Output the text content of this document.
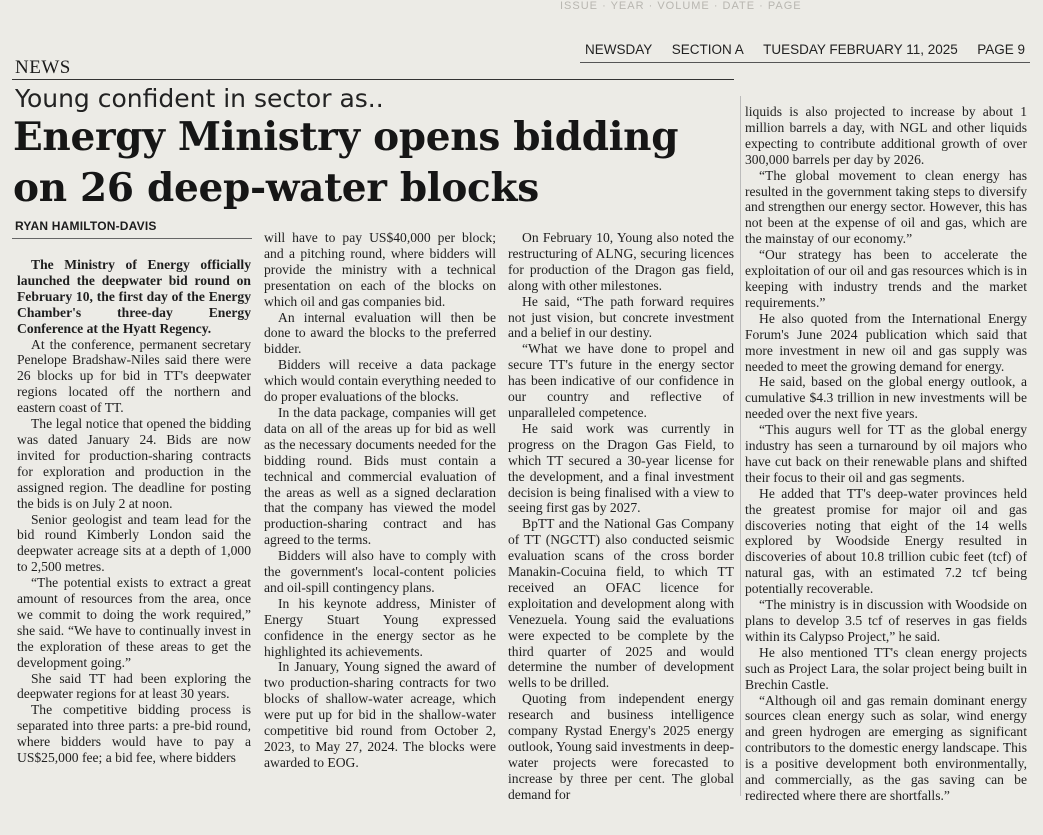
ISSUE · YEAR · VOLUME · DATE · PAGE
NEWSDAY SECTION A TUESDAY FEBRUARY 11, 2025 PAGE 9
NEWS
Young confident in sector as..
Energy Ministry opens bidding on 26 deep-water blocks
RYAN HAMILTON-DAVIS

The Ministry of Energy officially launched the deepwater bid round on February 10, the first day of the Energy Chamber's three-day Energy Conference at the Hyatt Regency.

At the conference, permanent secretary Penelope Bradshaw-Niles said there were 26 blocks up for bid in TT's deepwater regions located off the northern and eastern coast of TT.

The legal notice that opened the bidding was dated January 24. Bids are now invited for production-sharing contracts for exploration and production in the assigned region. The deadline for posting the bids is on July 2 at noon.

Senior geologist and team lead for the bid round Kimberly London said the deepwater acreage sits at a depth of 1,000 to 2,500 metres.

“The potential exists to extract a great amount of resources from the area, once we commit to doing the work required,” she said. “We have to continually invest in the exploration of these areas to get the development going.”

She said TT had been exploring the deepwater regions for at least 30 years.

The competitive bidding process is separated into three parts: a pre-bid round, where bidders would have to pay a US$25,000 fee; a bid fee, where bidders

will have to pay US$40,000 per block; and a pitching round, where bidders will provide the ministry with a technical presentation on each of the blocks on which oil and gas companies bid.

An internal evaluation will then be done to award the blocks to the preferred bidder.

Bidders will receive a data package which would contain everything needed to do proper evaluations of the blocks.

In the data package, companies will get data on all of the areas up for bid as well as the necessary documents needed for the bidding round. Bids must contain a technical and commercial evaluation of the areas as well as a signed declaration that the company has viewed the model production-sharing contract and has agreed to the terms.

Bidders will also have to comply with the government's local-content policies and oil-spill contingency plans.

In his keynote address, Minister of Energy Stuart Young expressed confidence in the energy sector as he highlighted its achievements.

In January, Young signed the award of two production-sharing contracts for two blocks of shallow-water acreage, which were put up for bid in the shallow-water competitive bid round from October 2, 2023, to May 27, 2024. The blocks were awarded to EOG.

On February 10, Young also noted the restructuring of ALNG, securing licences for production of the Dragon gas field, along with other milestones.

He said, “The path forward requires not just vision, but concrete investment and a belief in our destiny.

“What we have done to propel and secure TT's future in the energy sector has been indicative of our confidence in our country and reflective of unparalleled competence.

He said work was currently in progress on the Dragon Gas Field, to which TT secured a 30-year license for the development, and a final investment decision is being finalised with a view to seeing first gas by 2027.

BpTT and the National Gas Company of TT (NGCTT) also conducted seismic evaluation scans of the cross border Manakin-Cocuina field, to which TT received an OFAC licence for exploitation and development along with Venezuela. Young said the evaluations were expected to be complete by the third quarter of 2025 and would determine the number of development wells to be drilled.

Quoting from independent energy research and business intelligence company Rystad Energy's 2025 energy outlook, Young said investments in deep-water projects were forecasted to increase by three per cent. The global demand for

liquids is also projected to increase by about 1 million barrels a day, with NGL and other liquids expecting to contribute additional growth of over 300,000 barrels per day by 2026.

“The global movement to clean energy has resulted in the government taking steps to diversify and strengthen our energy sector. However, this has not been at the expense of oil and gas, which are the mainstay of our economy.”

“Our strategy has been to accelerate the exploitation of our oil and gas resources which is in keeping with industry trends and the market requirements.”

He also quoted from the International Energy Forum's June 2024 publication which said that more investment in new oil and gas supply was needed to meet the growing demand for energy.

He said, based on the global energy outlook, a cumulative $4.3 trillion in new investments will be needed over the next five years.

“This augurs well for TT as the global energy industry has seen a turnaround by oil majors who have cut back on their renewable plans and shifted their focus to their oil and gas segments.

He added that TT's deep-water provinces held the greatest promise for major oil and gas discoveries noting that eight of the 14 wells explored by Woodside Energy resulted in discoveries of about 10.8 trillion cubic feet (tcf) of natural gas, with an estimated 7.2 tcf being potentially recoverable.

“The ministry is in discussion with Woodside on plans to develop 3.5 tcf of reserves in gas fields within its Calypso Project,” he said.

He also mentioned TT's clean energy projects such as Project Lara, the solar project being built in Brechin Castle.

“Although oil and gas remain dominant energy sources clean energy such as solar, wind energy and green hydrogen are emerging as significant contributors to the domestic energy landscape. This is a positive development both environmentally, and commercially, as the gas saving can be redirected where there are shortfalls.”
